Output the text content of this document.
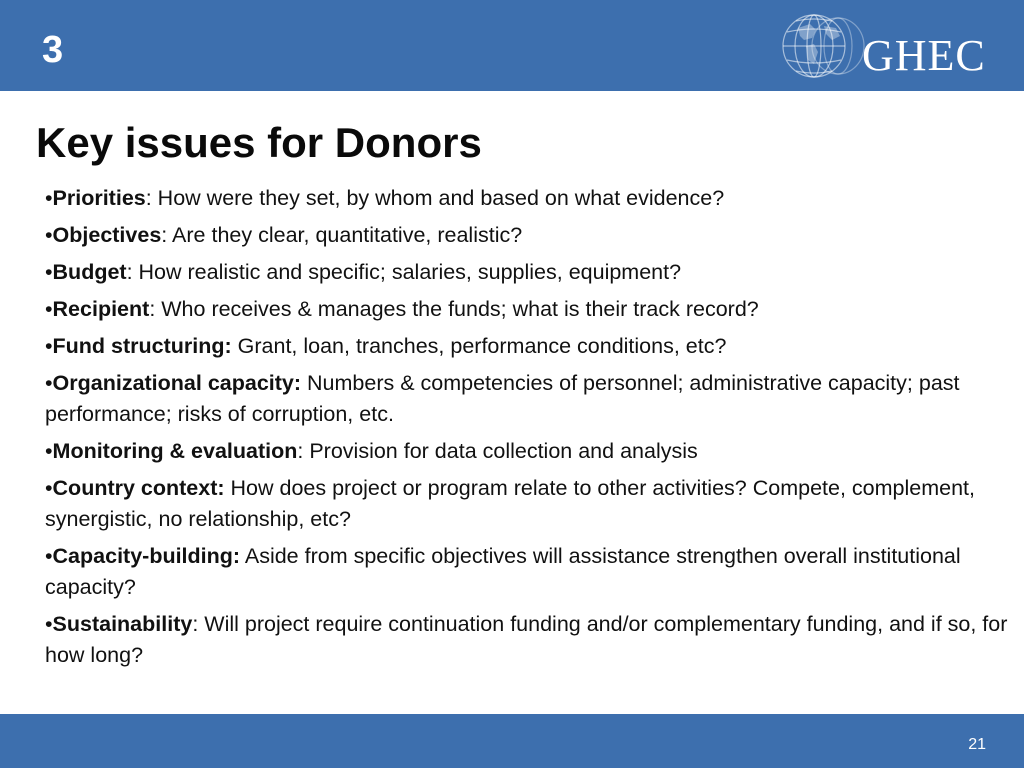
3	GHEC
Key issues for Donors
•Priorities: How were they set, by whom and based on what evidence?
•Objectives: Are they clear, quantitative, realistic?
•Budget: How realistic and specific; salaries, supplies, equipment?
•Recipient: Who receives & manages the funds; what is their track record?
•Fund structuring: Grant, loan, tranches, performance conditions, etc?
•Organizational capacity: Numbers & competencies of personnel; administrative capacity; past performance; risks of corruption, etc.
•Monitoring & evaluation: Provision for data collection and analysis
•Country context: How does project or program relate to other activities? Compete, complement, synergistic, no relationship, etc?
•Capacity-building: Aside from specific objectives will assistance strengthen overall institutional capacity?
•Sustainability: Will project require continuation funding and/or complementary funding, and if so, for how long?
21
